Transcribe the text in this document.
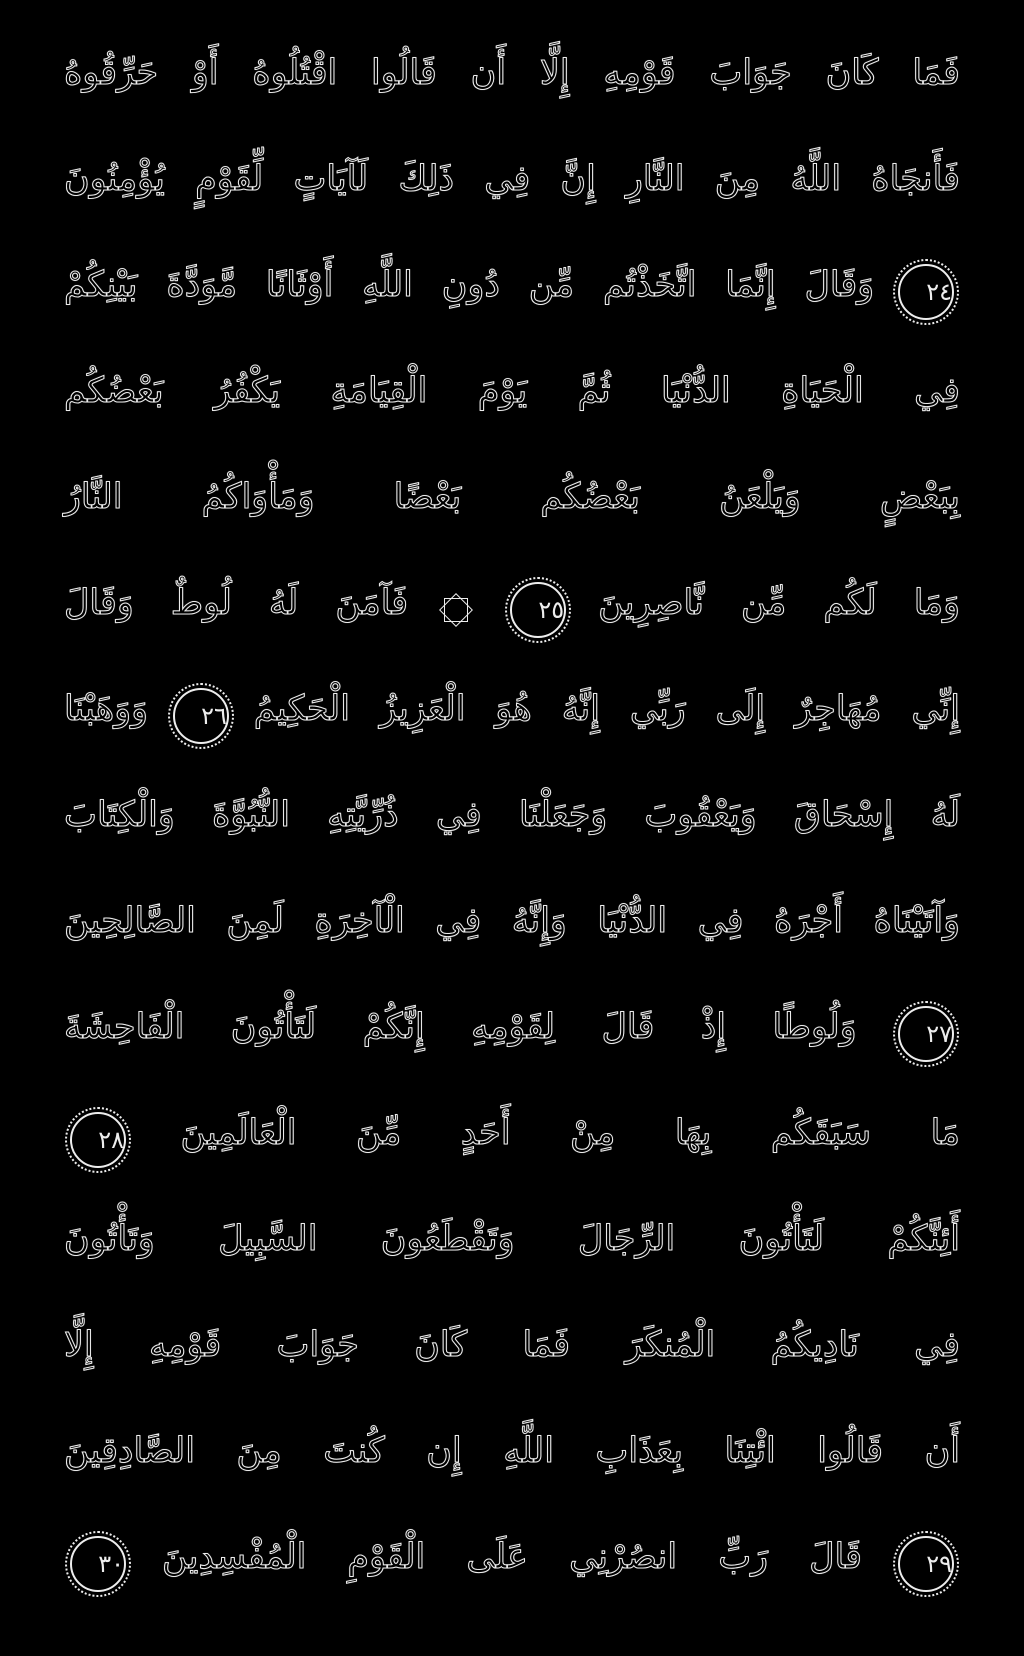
فَمَا كَانَ جَوَابَ قَوْمِهِ إِلَّا أَن قَالُوا اقْتُلُوهُ أَوْ حَرِّقُوهُ
فَأَنجَاهُ اللَّهُ مِنَ النَّارِ إِنَّ فِي ذَلِكَ لَآيَاتٍ لِّقَوْمٍ يُؤْمِنُونَ
٢٤
وَقَالَ إِنَّمَا اتَّخَذْتُم مِّن دُونِ اللَّهِ أَوْثَانًا مَّوَدَّةَ بَيْنِكُمْ
فِي الْحَيَاةِ الدُّنْيَا ثُمَّ يَوْمَ الْقِيَامَةِ يَكْفُرُ بَعْضُكُم
بِبَعْضٍ وَيَلْعَنُ بَعْضُكُم بَعْضًا وَمَأْوَاكُمُ النَّارُ
وَمَا لَكُم مِّن نَّاصِرِينَ
٢٥

فَآمَنَ لَهُ لُوطٌ وَقَالَ
إِنِّي مُهَاجِرٌ إِلَى رَبِّي إِنَّهُ هُوَ الْعَزِيزُ الْحَكِيمُ
٢٦
وَوَهَبْنَا
لَهُ إِسْحَاقَ وَيَعْقُوبَ وَجَعَلْنَا فِي ذُرِّيَّتِهِ النُّبُوَّةَ وَالْكِتَابَ
وَآتَيْنَاهُ أَجْرَهُ فِي الدُّنْيَا وَإِنَّهُ فِي الْآخِرَةِ لَمِنَ الصَّالِحِينَ
٢٧
وَلُوطًا إِذْ قَالَ لِقَوْمِهِ إِنَّكُمْ لَتَأْتُونَ الْفَاحِشَةَ
مَا سَبَقَكُم بِهَا مِنْ أَحَدٍ مِّنَ الْعَالَمِينَ
٢٨
أَئِنَّكُمْ لَتَأْتُونَ الرِّجَالَ وَتَقْطَعُونَ السَّبِيلَ وَتَأْتُونَ
فِي نَادِيكُمُ الْمُنكَرَ فَمَا كَانَ جَوَابَ قَوْمِهِ إِلَّا
أَن قَالُوا ائْتِنَا بِعَذَابِ اللَّهِ إِن كُنتَ مِنَ الصَّادِقِينَ
٢٩
قَالَ رَبِّ انصُرْنِي عَلَى الْقَوْمِ الْمُفْسِدِينَ
٣٠
